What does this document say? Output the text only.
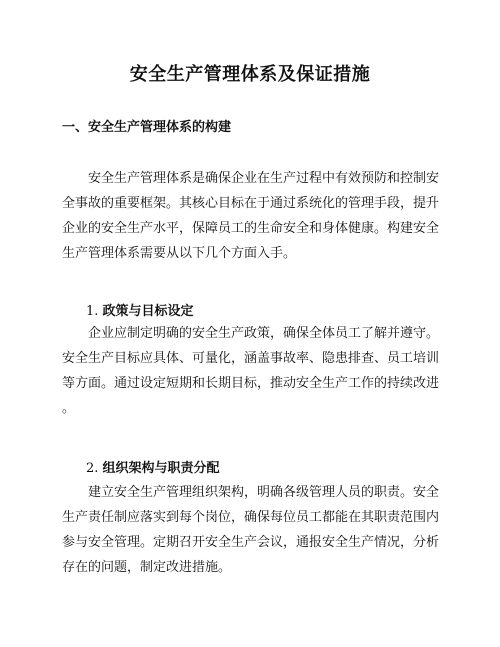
安全生产管理体系及保证措施
一、安全生产管理体系的构建

安全生产管理体系是确保企业在生产过程中有效预防和控制安
全事故的重要框架。其核心目标在于通过系统化的管理手段，提升
企业的安全生产水平，保障员工的生命安全和身体健康。构建安全
生产管理体系需要从以下几个方面入手。

1. 政策与目标设定

企业应制定明确的安全生产政策，确保全体员工了解并遵守。
安全生产目标应具体、可量化，涵盖事故率、隐患排查、员工培训
等方面。通过设定短期和长期目标，推动安全生产工作的持续改进
。

2. 组织架构与职责分配

建立安全生产管理组织架构，明确各级管理人员的职责。安全
生产责任制应落实到每个岗位，确保每位员工都能在其职责范围内
参与安全管理。定期召开安全生产会议，通报安全生产情况，分析
存在的问题，制定改进措施。
